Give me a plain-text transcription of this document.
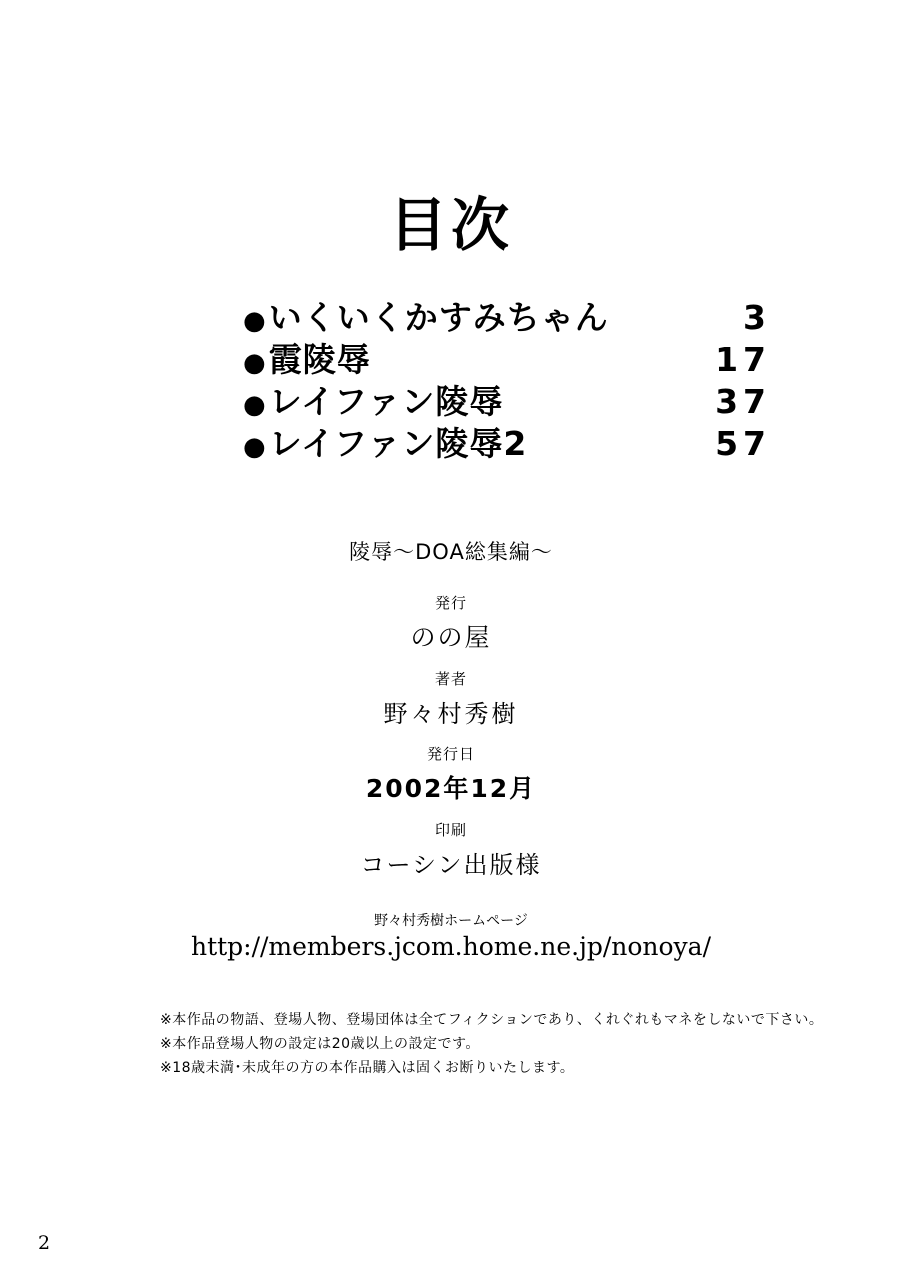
目次
● いくいくかすみちゃん	3
● 霞陵辱	17
● レイファン陵辱	37
● レイファン陵辱2	57
陵辱～DOA総集編～
発行
のの屋
著者
野々村秀樹
発行日
2002年12月
印刷
コーシン出版様
野々村秀樹ホームページ
http://members.jcom.home.ne.jp/nonoya/
※本作品の物語、登場人物、登場団体は全てフィクションであり、くれぐれもマネをしないで下さい。
※本作品登場人物の設定は20歳以上の設定です。
※18歳未満･未成年の方の本作品購入は固くお断りいたします。
2
